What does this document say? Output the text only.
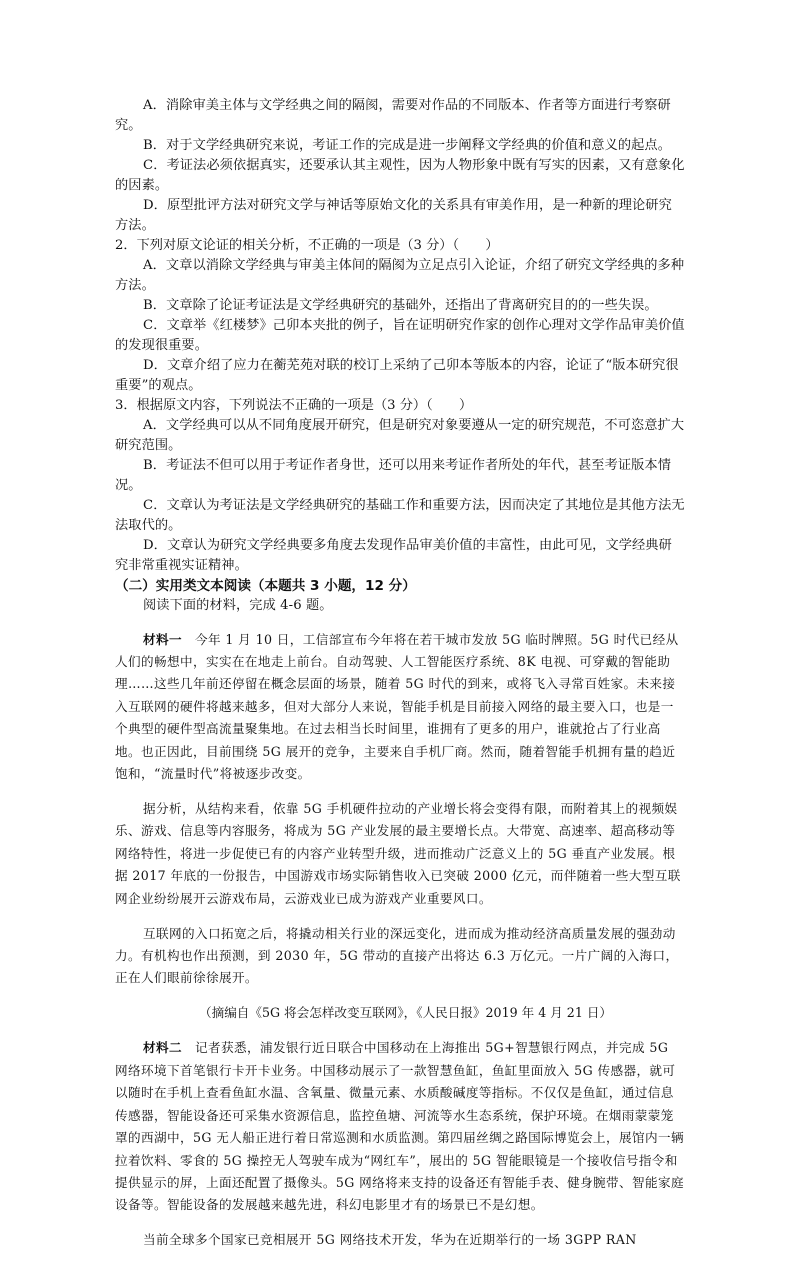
A．消除审美主体与文学经典之间的隔阂，需要对作品的不同版本、作者等方面进行考察研究。

B．对于文学经典研究来说，考证工作的完成是进一步阐释文学经典的价值和意义的起点。

C．考证法必须依据真实，还要承认其主观性，因为人物形象中既有写实的因素，又有意象化的因素。

D．原型批评方法对研究文学与神话等原始文化的关系具有审美作用，是一种新的理论研究方法。

2．下列对原文论证的相关分析，不正确的一项是（3 分）（　　）

A．文章以消除文学经典与审美主体间的隔阂为立足点引入论证，介绍了研究文学经典的多种方法。

B．文章除了论证考证法是文学经典研究的基础外，还指出了背离研究目的的一些失误。

C．文章举《红楼梦》己卯本夹批的例子，旨在证明研究作家的创作心理对文学作品审美价值的发现很重要。

D．文章介绍了应力在蘅芜苑对联的校订上采纳了己卯本等版本的内容，论证了“版本研究很重要”的观点。

3．根据原文内容，下列说法不正确的一项是（3 分）（　　）

A．文学经典可以从不同角度展开研究，但是研究对象要遵从一定的研究规范，不可恣意扩大研究范围。

B．考证法不但可以用于考证作者身世，还可以用来考证作者所处的年代，甚至考证版本情况。

C．文章认为考证法是文学经典研究的基础工作和重要方法，因而决定了其地位是其他方法无法取代的。

D．文章认为研究文学经典要多角度去发现作品审美价值的丰富性，由此可见，文学经典研究非常重视实证精神。

（二）实用类文本阅读（本题共 3 小题，12 分）

阅读下面的材料，完成 4-6 题。

材料一　今年 1 月 10 日，工信部宣布今年将在若干城市发放 5G 临时牌照。5G 时代已经从人们的畅想中，实实在在地走上前台。自动驾驶、人工智能医疗系统、8K 电视、可穿戴的智能助理……这些几年前还停留在概念层面的场景，随着 5G 时代的到来，或将飞入寻常百姓家。未来接入互联网的硬件将越来越多，但对大部分人来说，智能手机是目前接入网络的最主要入口，也是一个典型的硬件型高流量聚集地。在过去相当长时间里，谁拥有了更多的用户，谁就抢占了行业高地。也正因此，目前围绕 5G 展开的竞争，主要来自手机厂商。然而，随着智能手机拥有量的趋近饱和，“流量时代”将被逐步改变。

据分析，从结构来看，依靠 5G 手机硬件拉动的产业增长将会变得有限，而附着其上的视频娱乐、游戏、信息等内容服务，将成为 5G 产业发展的最主要增长点。大带宽、高速率、超高移动等网络特性，将进一步促使已有的内容产业转型升级，进而推动广泛意义上的 5G 垂直产业发展。根据 2017 年底的一份报告，中国游戏市场实际销售收入已突破 2000 亿元，而伴随着一些大型互联网企业纷纷展开云游戏布局，云游戏业已成为游戏产业重要风口。

互联网的入口拓宽之后，将撬动相关行业的深远变化，进而成为推动经济高质量发展的强劲动力。有机构也作出预测，到 2030 年，5G 带动的直接产出将达 6.3 万亿元。一片广阔的入海口，正在人们眼前徐徐展开。

（摘编自《5G 将会怎样改变互联网》，《人民日报》2019 年 4 月 21 日）

材料二　记者获悉，浦发银行近日联合中国移动在上海推出 5G+智慧银行网点，并完成 5G 网络环境下首笔银行卡开卡业务。中国移动展示了一款智慧鱼缸，鱼缸里面放入 5G 传感器，就可以随时在手机上查看鱼缸水温、含氧量、微量元素、水质酸碱度等指标。不仅仅是鱼缸，通过信息传感器，智能设备还可采集水资源信息，监控鱼塘、河流等水生态系统，保护环境。在烟雨蒙蒙笼罩的西湖中，5G 无人船正进行着日常巡测和水质监测。第四届丝绸之路国际博览会上，展馆内一辆拉着饮料、零食的 5G 操控无人驾驶车成为“网红车”，展出的 5G 智能眼镜是一个接收信号指令和提供显示的屏，上面还配置了摄像头。5G 网络将来支持的设备还有智能手表、健身腕带、智能家庭设备等。智能设备的发展越来越先进，科幻电影里才有的场景已不是幻想。

当前全球多个国家已竞相展开 5G 网络技术开发，华为在近期举行的一场 3GPP RAN
